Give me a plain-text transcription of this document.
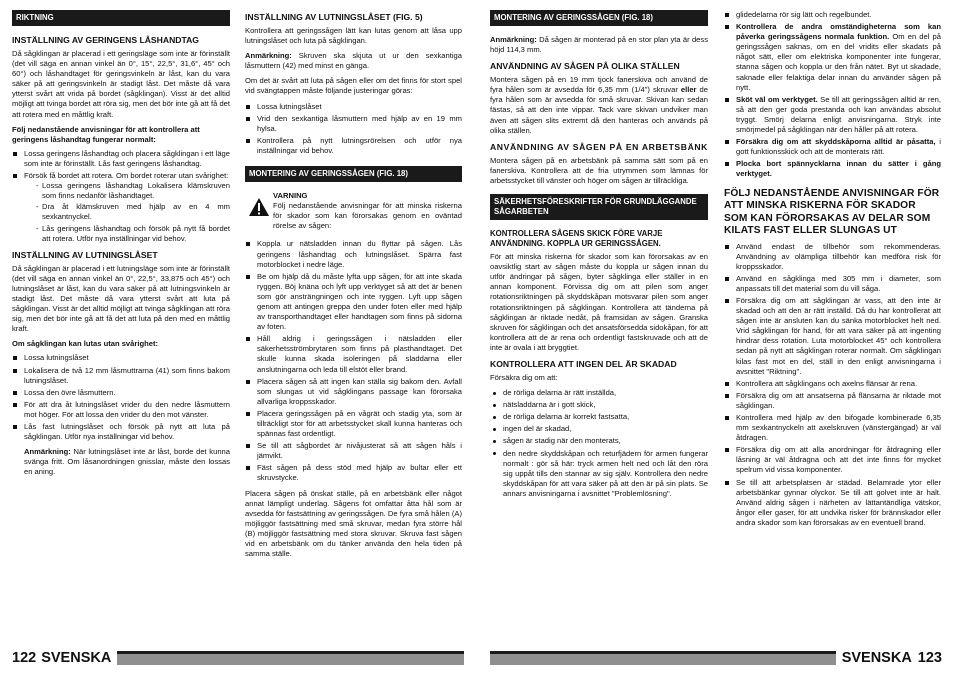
RIKTNING
INSTÄLLNING AV GERINGENS LÅSHANDTAG
Då sågklingan är placerad i ett geringsläge som inte är förinställt (det vill säga en annan vinkel än 0°, 15°, 22,5°, 31,6°, 45° och 60°) och låshandtaget för geringsvinkeln är låst, kan du vara säker på att geringsvinkeln är stadigt låst. Det måste då vara ytterst svårt att vrida på bordet (sågklingan). Visst är det alltid möjligt att tvinga bordet att röra sig, men det bör inte gå att få det att rotera med en måttlig kraft.
Följ nedanstående anvisningar för att kontrollera att geringens låshandtag fungerar normalt:
Lossa geringens låshandtag och placera sågklingan i ett läge som inte är förinställt. Lås fast geringens låshandtag.
Försök få bordet att rotera. Om bordet roterar utan svårighet:
- Lossa geringens låshandtag Lokalisera klämskruven som finns nedanför låshandtaget.
- Dra åt klämskruven med hjälp av en 4 mm sexkantnyckel.
- Lås geringens låshandtag och försök på nytt få bordet att rotera. Utför nya inställningar vid behov.
INSTÄLLNING AV LUTNINGSLÅSET
Då sågklingan är placerad i ett lutningsläge som inte är förinställt (det vill säga en annan vinkel än 0°, 22,5°, 33,875 och 45°) och lutningslåset är låst, kan du vara säker på att lutningsvinkeln är stadigt låst. Det måste då vara ytterst svårt att luta på sågklingan. Visst är det alltid möjligt att tvinga sågklingan att röra sig, men det bör inte gå att få det att luta på den med en måttlig kraft.
Om sågklingan kan lutas utan svårighet:
Lossa lutningslåset
Lokalisera de två 12 mm låsmuttrarna (41) som finns bakom lutningslåset.
Lossa den övre låsmuttern.
För att dra åt lutningslåset vrider du den nedre låsmuttern mot höger. För att lossa den vrider du den mot vänster.
Lås fast lutningslåset och försök på nytt att luta på sågklingan. Utför nya inställningar vid behov.
Anmärkning: När lutningslåset inte är låst, borde det kunna svänga fritt. Om låsanordningen gnisslar, måste den lossas en aning.
INSTÄLLNING AV LUTNINGSLÅSET (FIG. 5)
Kontrollera att geringssågen lätt kan lutas genom att låsa upp lutningslåset och luta på sågklingan.
Anmärkning: Skruven ska skjuta ut ur den sexkantiga låsmuttern (42) med minst en gänga.
Om det är svårt att luta på sågen eller om det finns för stort spel vid svängtappen måste följande justeringar göras:
Lossa lutningslåset
Vrid den sexkantiga låsmuttern med hjälp av en 19 mm hylsa.
Kontrollera på nytt lutningsrörelsen och utför nya inställningar vid behov.
MONTERING AV GERINGSSÅGEN (FIG. 18)
VARNING
Följ nedanstående anvisningar för att minska riskerna för skador som kan förorsakas genom en oväntad rörelse av sågen:
Koppla ur nätsladden innan du flyttar på sågen. Lås geringens låshandtag och lutningslåset. Spärra fast motorblocket i nedre läge.
Be om hjälp då du måste lyfta upp sågen, för att inte skada ryggen. Böj knäna och lyft upp verktyget så att det är benen som gör ansträngningen och inte ryggen. Lyft upp sågen genom att antingen greppa den under foten eller med hjälp av transporthandtaget eller handtagen som finns på sidorna av foten.
Håll aldrig i geringssågen i nätsladden eller säkerhetsströmbrytaren som finns på plasthandtaget. Det skulle kunna skada isoleringen på sladdarna eller anslutningarna och leda till elstöt eller brand.
Placera sågen så att ingen kan ställa sig bakom den. Avfall som slungas ut vid sågklingans passage kan förorsaka allvarliga kroppsskador.
Placera geringssågen på en vågrät och stadig yta, som är tillräckligt stor för att arbetsstycket skall kunna hanteras och spännas fast ordentligt.
Se till att sågbordet är nivåjusterat så att sågen håls i jämvikt.
Fäst sågen på dess stöd med hjälp av bultar eller ett skruvstycke.
Placera sågen på önskat ställe, på en arbetsbänk eller något annat lämpligt underlag. Sågens fot omfattar åtta hål som är avsedda för fastsättning av geringssågen. De fyra små hålen (A) möjliggör fastsättning med små skruvar, medan fyra större hål (B) möjliggör fastsättning med stora skruvar. Skruva fast sågen vid en arbetsbänk om du tänker använda den hela tiden på samma ställe.
MONTERING AV GERINGSSÅGEN (FIG. 18)
Anmärkning: Då sågen är monterad på en stor plan yta är dess höjd 114,3 mm.
ANVÄNDNING AV SÅGEN PÅ OLIKA STÄLLEN
Montera sågen på en 19 mm tjock fanerskiva och använd de fyra hålen som är avsedda för 6,35 mm (1/4") skruvar eller de fyra hålen som är avsedda för små skruvar. Skivan kan sedan fästas, så att den inte vippar. Tack vare skivan undviker man även att sågen slits extremt då den hanteras och används på olika ställen.
ANVÄNDNING AV SÅGEN PÅ EN ARBETSBÄNK
Montera sågen på en arbetsbänk på samma sätt som på en fanerskiva. Kontrollera att de fria utrymmen som lämnas för arbetsstycket till vänster och höger om sågen är tillräckliga.
SÄKERHETSFÖRESKRIFTER FÖR GRUNDLÄGGANDE SÅGARBETEN
KONTROLLERA SÅGENS SKICK FÖRE VARJE ANVÄNDNING. KOPPLA UR GERINGSSÅGEN.
För att minska riskerna för skador som kan förorsakas av en oavsiktlig start av sågen måste du koppla ur sågen innan du utför ändringar på sågen, byter sågklinga eller ställer in en annan komponent. Förvissa dig om att pilen som anger rotationsriktningen på skyddskåpan motsvarar pilen som anger rotationsriktningen på sågklingan. Kontrollera att tänderna på sågklingan är riktade nedåt, på framsidan av sågen. Granska skruven för sågklingan och det ansatsförsedda sidokåpan, för att kontrollera att de är rena och ordentligt fastskruvade och att de inte är ovala i att bryggtiet.
KONTROLLERA ATT INGEN DEL ÄR SKADAD
Försäkra dig om att:
de rörliga delarna är rätt inställda,
nätsladdarna är i gott skick,
de rörliga delarna är korrekt fastsatta,
ingen del är skadad,
sågen är stadig när den monterats,
den nedre skyddskåpan och returfjädern för armen fungerar normalt : gör så här: tryck armen helt ned och låt den röra sig uppåt tills den stannar av sig själv. Kontrollera den nedre skyddskåpan för att vara säker på att den är på sin plats. Se annars anvisningarna i avsnittet "Problemlösning".
glidedelarna rör sig lätt och regelbundet.
Kontrollera de andra omständigheterna som kan påverka geringssågens normala funktion. Om en del på geringssågen saknas, om en del vridits eller skadats på något sätt, eller om elektriska komponenter inte fungerar, stanna sågen och koppla ur den från nätet. Byt ut skadade, saknade eller felaktiga delar innan du använder sågen på nytt.
Sköt väl om verktyget. Se till att geringssågen alltid är ren, så att den ger goda prestanda och kan användas absolut tryggt. Smörj delarna enligt anvisningarna. Stryk inte smörjmedel på sågklingan när den håller på att rotera.
Försäkra dig om att skyddskåporna alltid är påsatta, i gott funktionsskick och att de monterats rätt.
Plocka bort spännycklarna innan du sätter i gång verktyget.
FÖLJ NEDANSTÅENDE ANVISNINGAR FÖR ATT MINSKA RISKERNA FÖR SKADOR SOM KAN FÖRORSAKAS AV DELAR SOM KILATS FAST ELLER SLUNGAS UT
Använd endast de tillbehör som rekommenderas. Användning av olämpliga tillbehör kan medföra risk för kroppsskador.
Använd en sågklinga med 305 mm i diameter, som anpassats till det material som du vill såga.
Försäkra dig om att sågklingan är vass, att den inte är skadad och att den är rätt inställd. Då du har kontrollerat att sågen inte är ansluten kan du sänka motorblocket helt ned. Vrid sågklingan för hand, för att vara säker på att ingenting hindrar dess rotation. Luta motorblocket 45° och kontrollera sedan på nytt att sågklingan roterar normalt. Om sågklingan kilas fast mot en del, ställ in den enligt anvisningarna i avsnittet "Riktning".
Kontrollera att sågklingans och axelns flänsar är rena.
Försäkra dig om att ansatserna på flänsarna är riktade mot sågklingan.
Kontrollera med hjälp av den bifogade kombinerade 6,35 mm sexkantnyckeln att axelskruven (vänstergängad) är väl åtdragen.
Försäkra dig om att alla anordningar för åtdragning eller låsning är väl åtdragna och att det inte finns för mycket spelrum vid vissa komponenter.
Se till att arbetsplatsen är städad. Belamrade ytor eller arbetsbänkar gynnar olyckor. Se till att golvet inte är halt. Använd aldrig sågen i närheten av lättantändliga vätskor, ångor eller gaser, för att undvika risker för brännskador eller andra skador som kan förorsakas av en eventuell brand.
122 SVENSKA	SVENSKA 123
